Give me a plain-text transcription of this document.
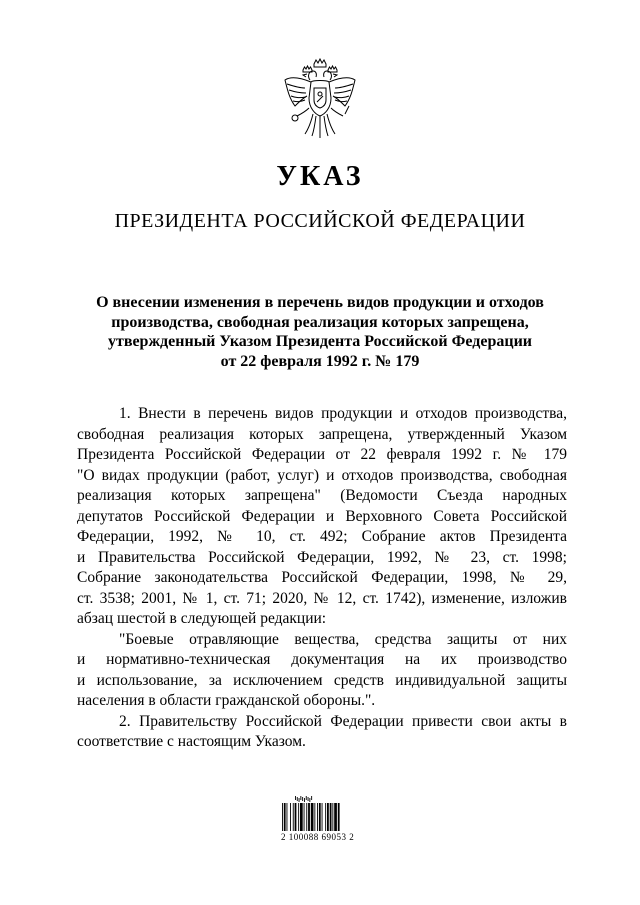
УКАЗ
ПРЕЗИДЕНТА РОССИЙСКОЙ ФЕДЕРАЦИИ
О внесении изменения в перечень видов продукции и отходов
производства, свободная реализация которых запрещена,
утвержденный Указом Президента Российской Федерации
от 22 февраля 1992 г. № 179
1. Внести в перечень видов продукции и отходов производства,
свободная реализация которых запрещена, утвержденный Указом
Президента Российской Федерации от 22 февраля 1992 г. № 179
"О видах продукции (работ, услуг) и отходов производства, свободная
реализация которых запрещена" (Ведомости Съезда народных
депутатов Российской Федерации и Верховного Совета Российской
Федерации, 1992, № 10, ст. 492; Собрание актов Президента
и Правительства Российской Федерации, 1992, № 23, ст. 1998;
Собрание законодательства Российской Федерации, 1998, № 29,
ст. 3538; 2001, № 1, ст. 71; 2020, № 12, ст. 1742), изменение, изложив
абзац шестой в следующей редакции:
"Боевые отравляющие вещества, средства защиты от них
и нормативно-техническая документация на их производство
и использование, за исключением средств индивидуальной защиты
населения в области гражданской обороны.".
2. Правительству Российской Федерации привести свои акты в
соответствие с настоящим Указом.
2 100088 69053 2
